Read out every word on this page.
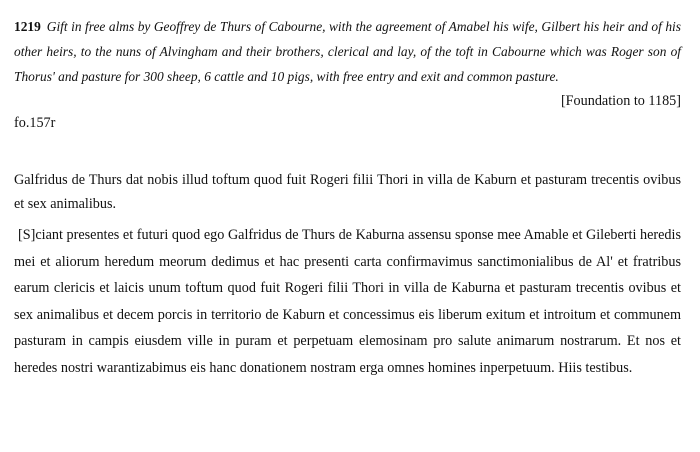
1219 Gift in free alms by Geoffrey de Thurs of Cabourne, with the agreement of Amabel his wife, Gilbert his heir and of his other heirs, to the nuns of Alvingham and their brothers, clerical and lay, of the toft in Cabourne which was Roger son of Thorus' and pasture for 300 sheep, 6 cattle and 10 pigs, with free entry and exit and common pasture.

[Foundation to 1185]

fo.157r

Galfridus de Thurs dat nobis illud toftum quod fuit Rogeri filii Thori in villa de Kaburn et pasturam trecentis ovibus et sex animalibus.

[S]ciant presentes et futuri quod ego Galfridus de Thurs de Kaburna assensu sponse mee Amable et Gileberti heredis mei et aliorum heredum meorum dedimus et hac presenti carta confirmavimus sanctimonialibus de Al' et fratribus earum clericis et laicis unum toftum quod fuit Rogeri filii Thori in villa de Kaburna et pasturam trecentis ovibus et sex animalibus et decem porcis in territorio de Kaburn et concessimus eis liberum exitum et introitum et communem pasturam in campis eiusdem ville in puram et perpetuam elemosinam pro salute animarum nostrarum. Et nos et heredes nostri warantizabimus eis hanc donationem nostram erga omnes homines inperpetuum. Hiis testibus.
